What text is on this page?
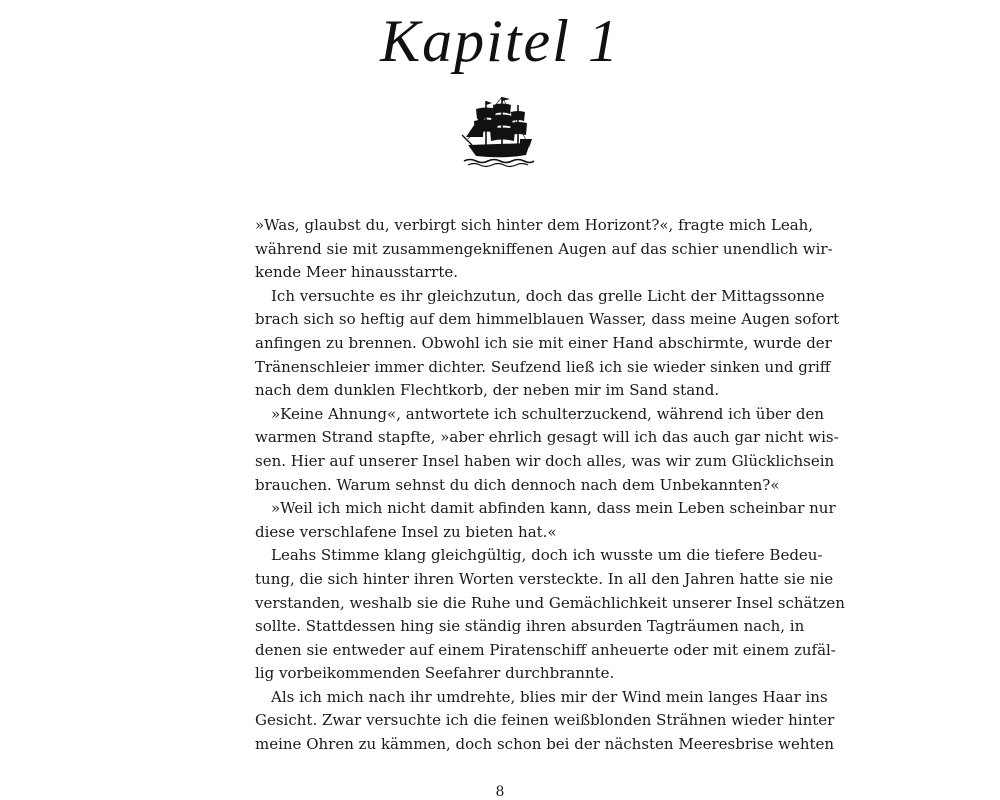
Kapitel 1

»Was, glaubst du, verbirgt sich hinter dem Horizont?«, fragte mich Leah,
während sie mit zusammengekniffenen Augen auf das schier unendlich wir-
kende Meer hinausstarrte.

Ich versuchte es ihr gleichzutun, doch das grelle Licht der Mittagssonne
brach sich so heftig auf dem himmelblauen Wasser, dass meine Augen sofort
anfingen zu brennen. Obwohl ich sie mit einer Hand abschirmte, wurde der
Tränenschleier immer dichter. Seufzend ließ ich sie wieder sinken und griff
nach dem dunklen Flechtkorb, der neben mir im Sand stand.

»Keine Ahnung«, antwortete ich schulterzuckend, während ich über den
warmen Strand stapfte, »aber ehrlich gesagt will ich das auch gar nicht wis-
sen. Hier auf unserer Insel haben wir doch alles, was wir zum Glücklichsein
brauchen. Warum sehnst du dich dennoch nach dem Unbekannten?«

»Weil ich mich nicht damit abfinden kann, dass mein Leben scheinbar nur
diese verschlafene Insel zu bieten hat.«

Leahs Stimme klang gleichgültig, doch ich wusste um die tiefere Bedeu-
tung, die sich hinter ihren Worten versteckte. In all den Jahren hatte sie nie
verstanden, weshalb sie die Ruhe und Gemächlichkeit unserer Insel schätzen
sollte. Stattdessen hing sie ständig ihren absurden Tagträumen nach, in
denen sie entweder auf einem Piratenschiff anheuerte oder mit einem zufäl-
lig vorbeikommenden Seefahrer durchbrannte.

Als ich mich nach ihr umdrehte, blies mir der Wind mein langes Haar ins
Gesicht. Zwar versuchte ich die feinen weißblonden Strähnen wieder hinter
meine Ohren zu kämmen, doch schon bei der nächsten Meeresbrise wehten

8
